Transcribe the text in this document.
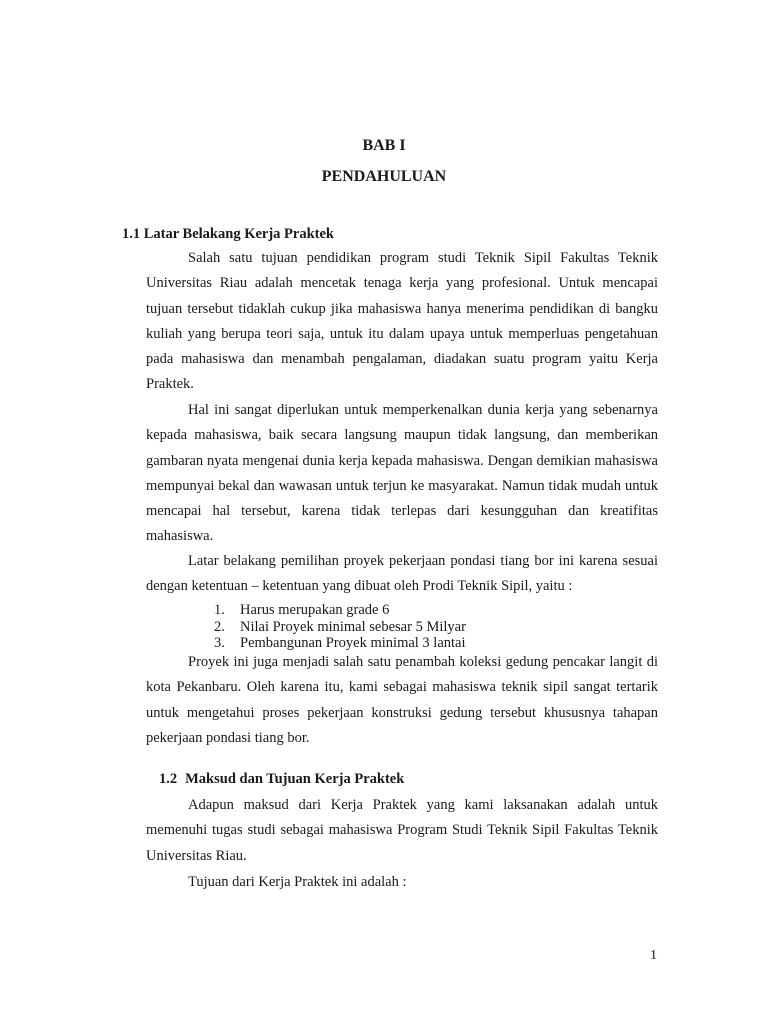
BAB I
PENDAHULUAN
1.1 Latar Belakang Kerja Praktek

Salah satu tujuan pendidikan program studi Teknik Sipil Fakultas Teknik Universitas Riau adalah mencetak tenaga kerja yang profesional. Untuk mencapai tujuan tersebut tidaklah cukup jika mahasiswa hanya menerima pendidikan di bangku kuliah yang berupa teori saja, untuk itu dalam upaya untuk memperluas pengetahuan pada mahasiswa dan menambah pengalaman, diadakan suatu program yaitu Kerja Praktek.

Hal ini sangat diperlukan untuk memperkenalkan dunia kerja yang sebenarnya kepada mahasiswa, baik secara langsung maupun tidak langsung, dan memberikan gambaran nyata mengenai dunia kerja kepada mahasiswa. Dengan demikian mahasiswa mempunyai bekal dan wawasan untuk terjun ke masyarakat. Namun tidak mudah untuk mencapai hal tersebut, karena tidak terlepas dari kesungguhan dan kreatifitas mahasiswa.

Latar belakang pemilihan proyek pekerjaan pondasi tiang bor ini karena sesuai dengan ketentuan – ketentuan yang dibuat oleh Prodi Teknik Sipil, yaitu :

1. Harus merupakan grade 6
2. Nilai Proyek minimal sebesar 5 Milyar
3. Pembangunan Proyek minimal 3 lantai

Proyek ini juga menjadi salah satu penambah koleksi gedung pencakar langit di kota Pekanbaru. Oleh karena itu, kami sebagai mahasiswa teknik sipil sangat tertarik untuk mengetahui proses pekerjaan konstruksi gedung tersebut khususnya tahapan pekerjaan pondasi tiang bor.

1.2 Maksud dan Tujuan Kerja Praktek

Adapun maksud dari Kerja Praktek yang kami laksanakan adalah untuk memenuhi tugas studi sebagai mahasiswa Program Studi Teknik Sipil Fakultas Teknik Universitas Riau.

Tujuan dari Kerja Praktek ini adalah :

1
